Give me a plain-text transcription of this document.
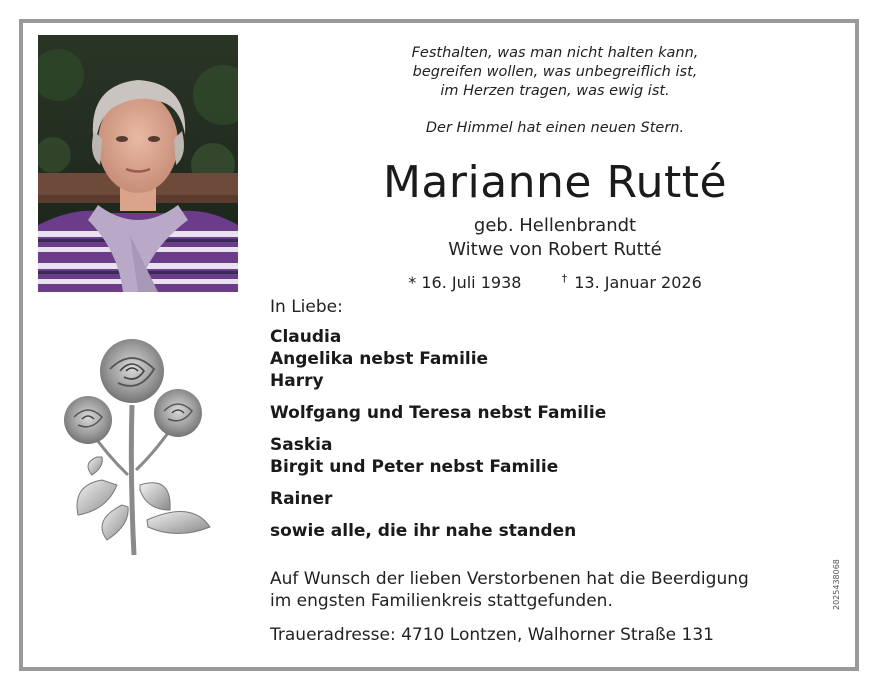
Festhalten, was man nicht halten kann,
begreifen wollen, was unbegreiflich ist,
im Herzen tragen, was ewig ist.
Der Himmel hat einen neuen Stern.
Marianne Rutté
geb. Hellenbrandt
Witwe von Robert Rutté
* 16. Juli 1938	† 13. Januar 2026
In Liebe:
Claudia
Angelika nebst Familie
Harry
Wolfgang und Teresa nebst Familie
Saskia
Birgit und Peter nebst Familie
Rainer
sowie alle, die ihr nahe standen
Auf Wunsch der lieben Verstorbenen hat die Beerdigung
im engsten Familienkreis stattgefunden.
Traueradresse: 4710 Lontzen, Walhorner Straße 131
2025438068
